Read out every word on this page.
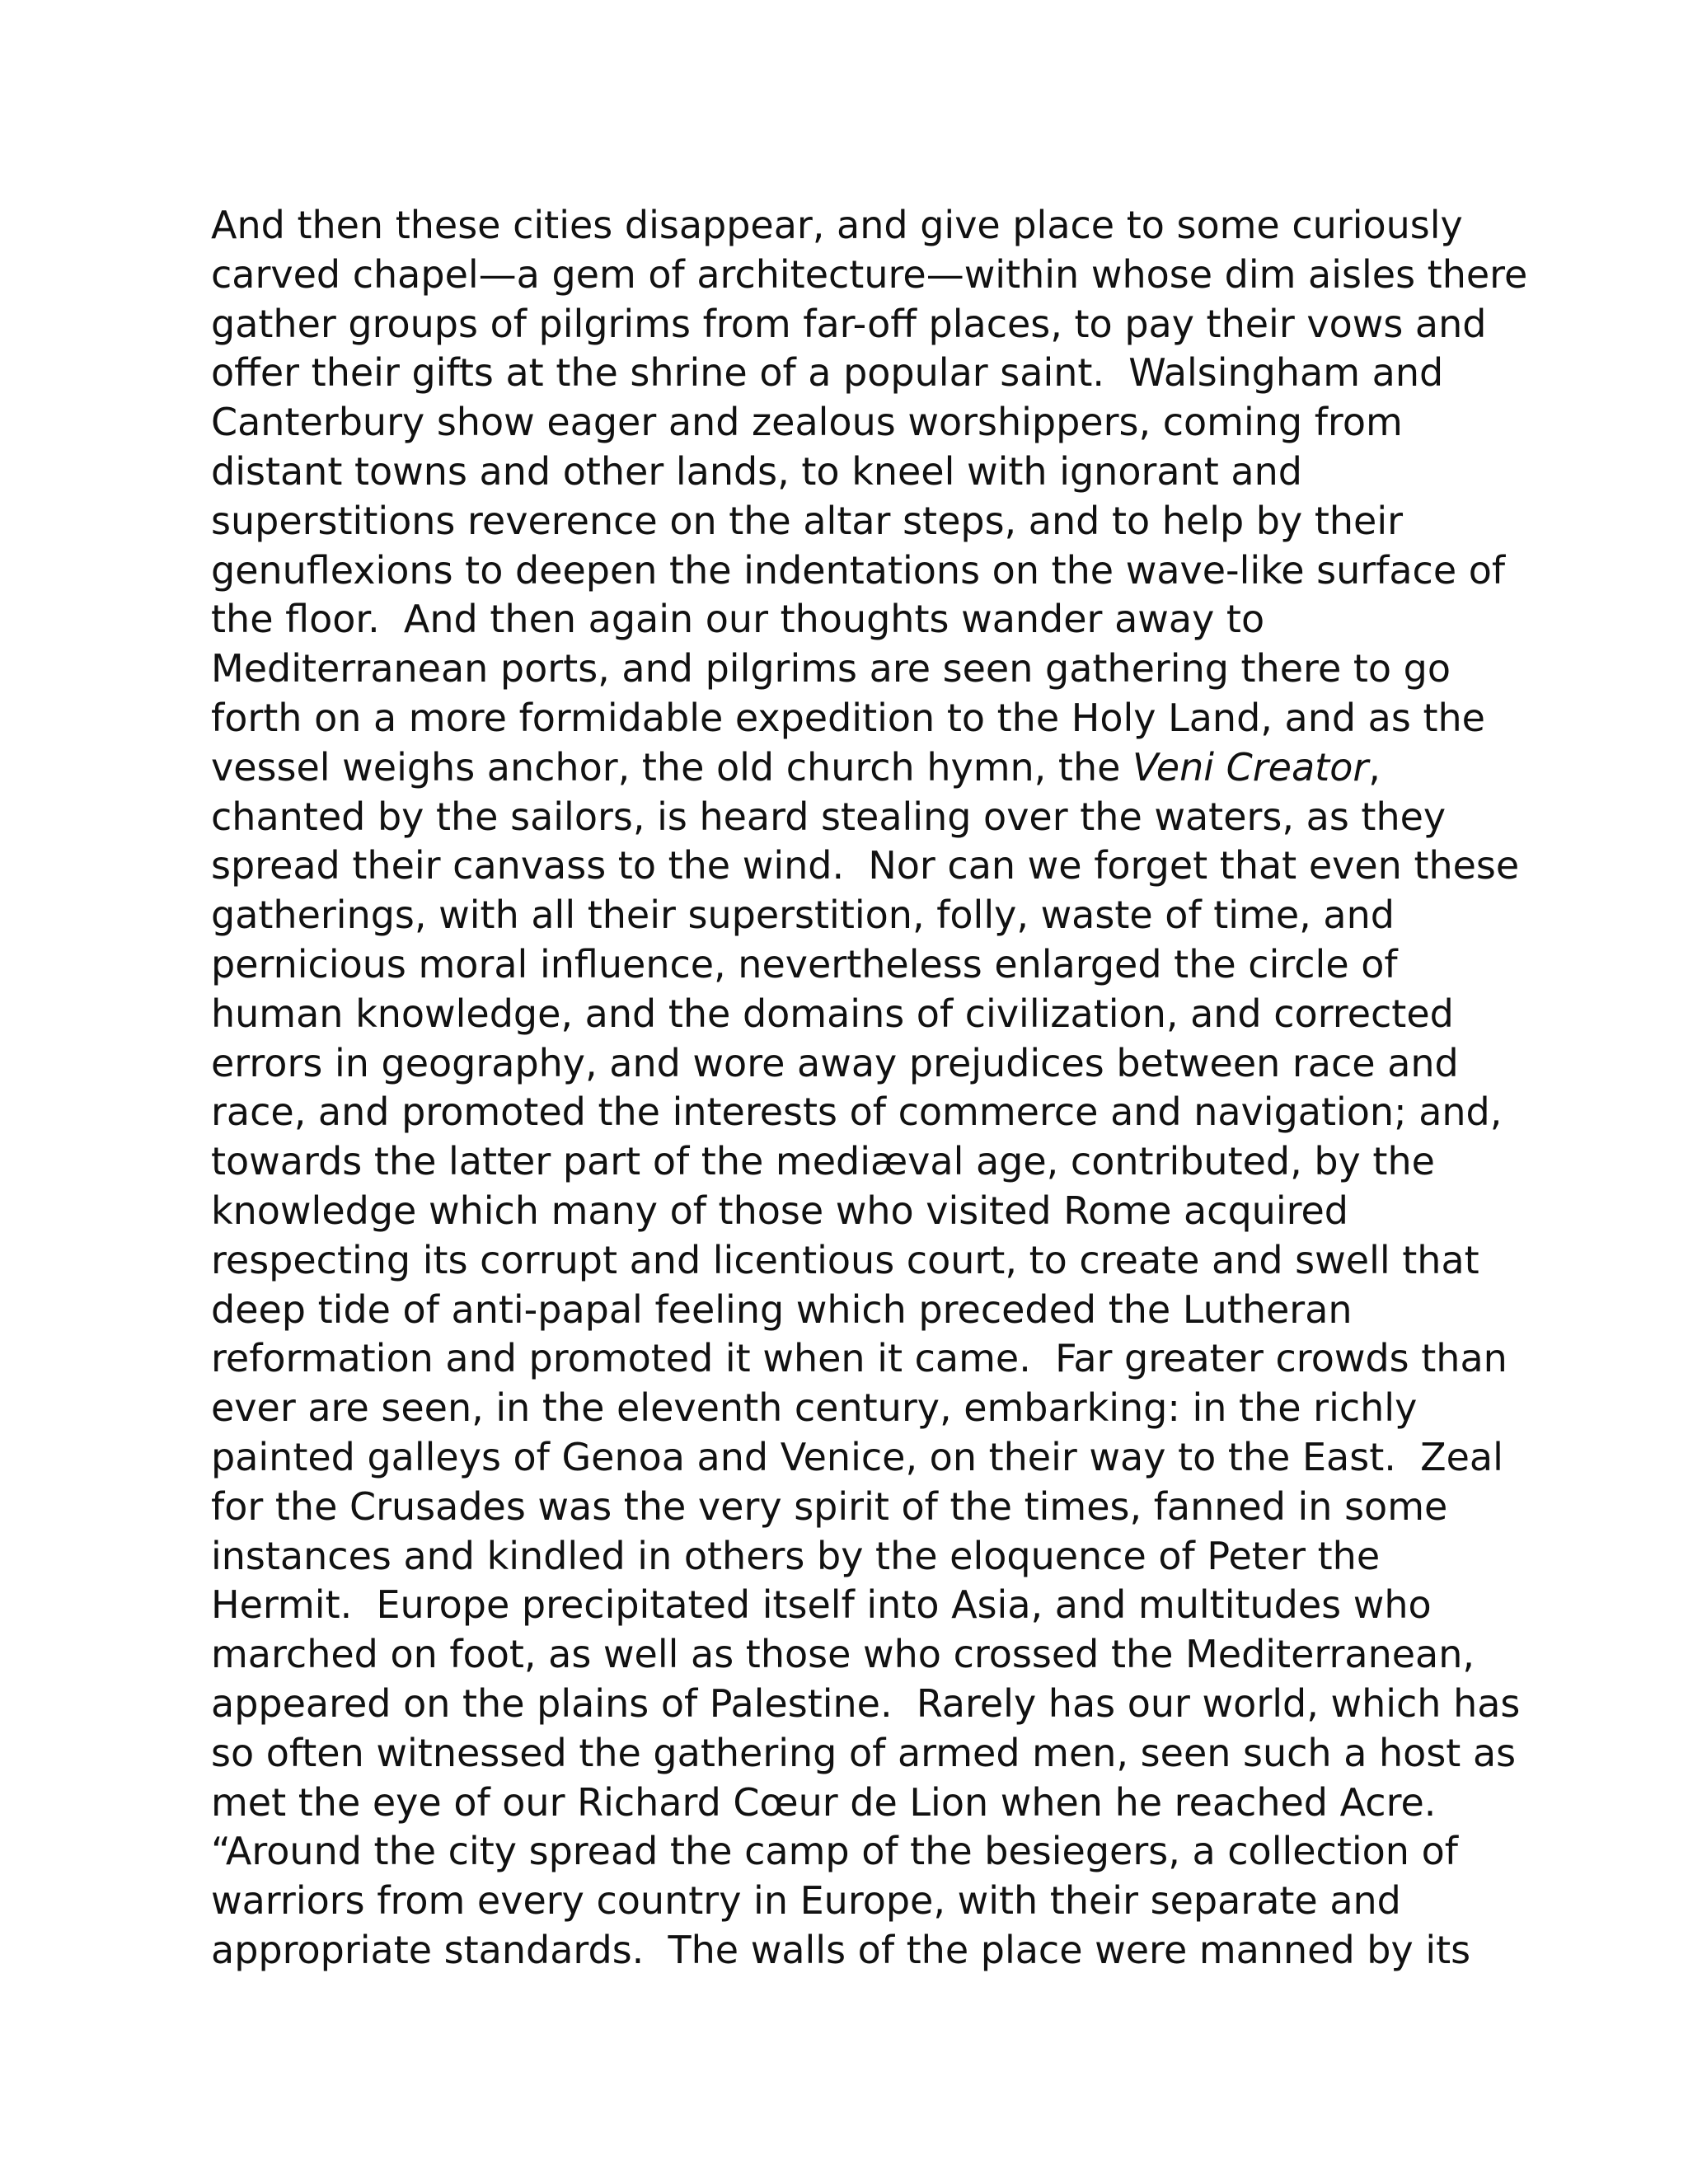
And then these cities disappear, and give place to some curiously
carved chapel—a gem of architecture—within whose dim aisles there
gather groups of pilgrims from far-off places, to pay their vows and
offer their gifts at the shrine of a popular saint.  Walsingham and
Canterbury show eager and zealous worshippers, coming from
distant towns and other lands, to kneel with ignorant and
superstitions reverence on the altar steps, and to help by their
genuflexions to deepen the indentations on the wave-like surface of
the floor.  And then again our thoughts wander away to
Mediterranean ports, and pilgrims are seen gathering there to go
forth on a more formidable expedition to the Holy Land, and as the
vessel weighs anchor, the old church hymn, the Veni Creator,
chanted by the sailors, is heard stealing over the waters, as they
spread their canvass to the wind.  Nor can we forget that even these
gatherings, with all their superstition, folly, waste of time, and
pernicious moral influence, nevertheless enlarged the circle of
human knowledge, and the domains of civilization, and corrected
errors in geography, and wore away prejudices between race and
race, and promoted the interests of commerce and navigation; and,
towards the latter part of the mediæval age, contributed, by the
knowledge which many of those who visited Rome acquired
respecting its corrupt and licentious court, to create and swell that
deep tide of anti-papal feeling which preceded the Lutheran
reformation and promoted it when it came.  Far greater crowds than
ever are seen, in the eleventh century, embarking: in the richly
painted galleys of Genoa and Venice, on their way to the East.  Zeal
for the Crusades was the very spirit of the times, fanned in some
instances and kindled in others by the eloquence of Peter the
Hermit.  Europe precipitated itself into Asia, and multitudes who
marched on foot, as well as those who crossed the Mediterranean,
appeared on the plains of Palestine.  Rarely has our world, which has
so often witnessed the gathering of armed men, seen such a host as
met the eye of our Richard Cœur de Lion when he reached Acre.
“Around the city spread the camp of the besiegers, a collection of
warriors from every country in Europe, with their separate and
appropriate standards.  The walls of the place were manned by its
